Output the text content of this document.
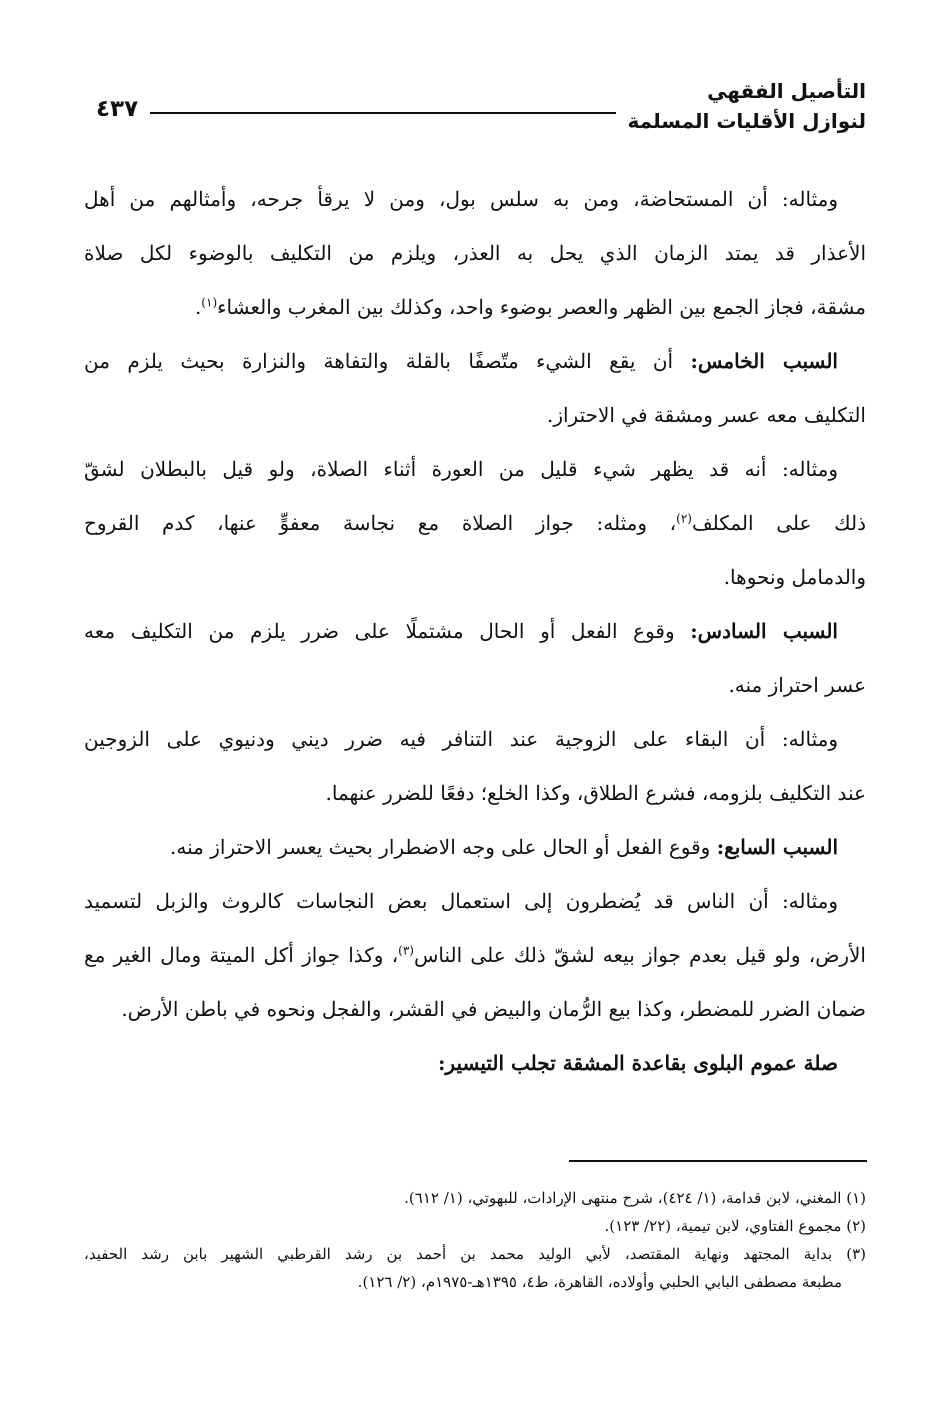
التأصيل الفقهي
لنوازل الأقليات المسلمة
٤٣٧
ومثاله: أن المستحاضة، ومن به سلس بول، ومن لا يرقأ جرحه، وأمثالهم من أهل
الأعذار قد يمتد الزمان الذي يحل به العذر، ويلزم من التكليف بالوضوء لكل صلاة
مشقة، فجاز الجمع بين الظهر والعصر بوضوء واحد، وكذلك بين المغرب والعشاء$^{(١)}$.
السبب الخامس: أن يقع الشيء متّصفًا بالقلة والتفاهة والنزارة بحيث يلزم من
التكليف معه عسر ومشقة في الاحتراز.
ومثاله: أنه قد يظهر شيء قليل من العورة أثناء الصلاة، ولو قيل بالبطلان لشقّ
ذلك على المكلف$^{(٢)}$، ومثله: جواز الصلاة مع نجاسة معفوٍّ عنها، كدم القروح
والدمامل ونحوها.
السبب السادس: وقوع الفعل أو الحال مشتملًا على ضرر يلزم من التكليف معه
عسر احتراز منه.
ومثاله: أن البقاء على الزوجية عند التنافر فيه ضرر ديني ودنيوي على الزوجين
عند التكليف بلزومه، فشرع الطلاق، وكذا الخلع؛ دفعًا للضرر عنهما.
السبب السابع: وقوع الفعل أو الحال على وجه الاضطرار بحيث يعسر الاحتراز منه.
ومثاله: أن الناس قد يُضطرون إلى استعمال بعض النجاسات كالروث والزبل لتسميد
الأرض، ولو قيل بعدم جواز بيعه لشقّ ذلك على الناس$^{(٣)}$، وكذا جواز أكل الميتة ومال الغير مع
ضمان الضرر للمضطر، وكذا بيع الرُّمان والبيض في القشر، والفجل ونحوه في باطن الأرض.
صلة عموم البلوى بقاعدة المشقة تجلب التيسير:
(١) المغني، لابن قدامة، (١/ ٤٢٤)، شرح منتهى الإرادات، للبهوتي، (١/ ٦١٢).
(٢) مجموع الفتاوي، لابن تيمية، (٢٢/ ١٢٣).
(٣) بداية المجتهد ونهاية المقتصد، لأبي الوليد محمد بن أحمد بن رشد القرطبي الشهير بابن رشد الحفيد،
مطبعة مصطفى البابي الحلبي وأولاده، القاهرة، ط٤، ١٣٩٥هـ-١٩٧٥م، (٢/ ١٢٦).
